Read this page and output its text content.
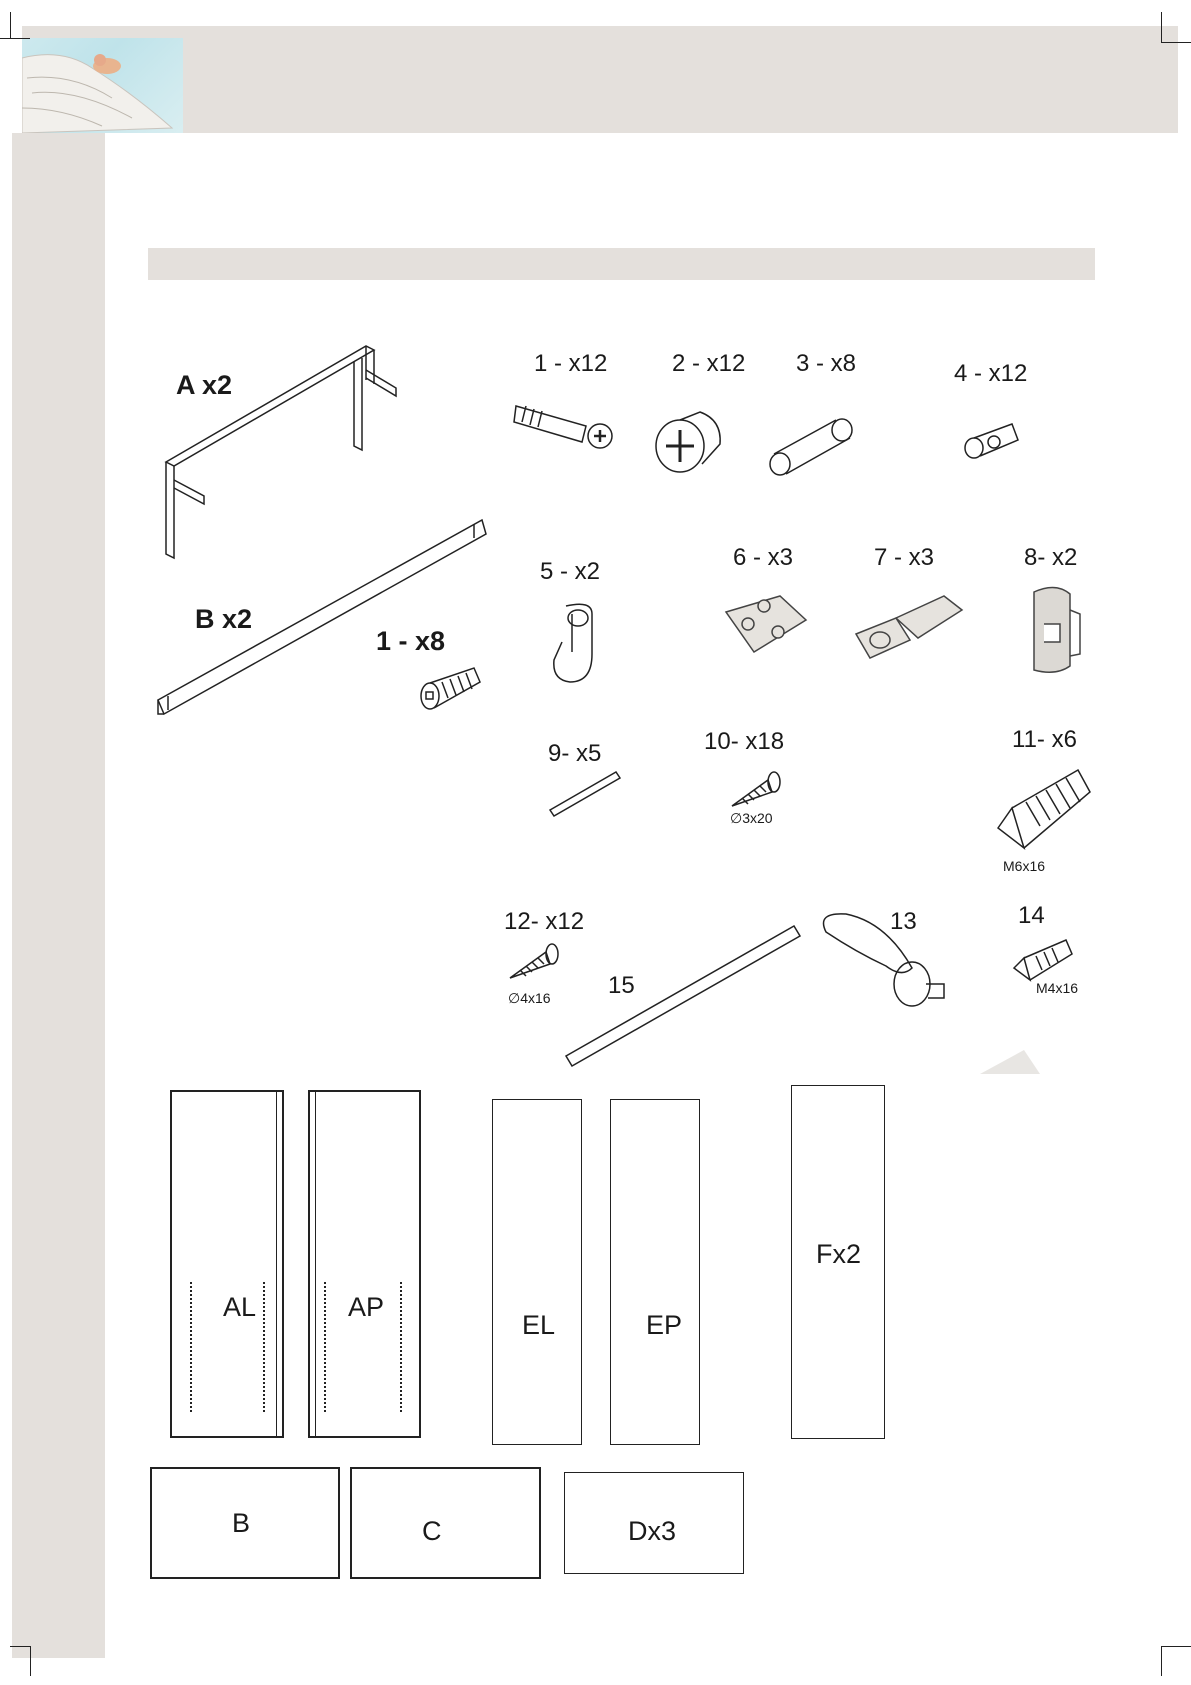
A x2
B x2
1 - x8
1 - x12	2 - x12 3 - x8	4 - x12
5 - x2
6 - x3	7 - x3	8- x2
9- x5	10- x18
∅3x20
11- x6
M6x16
12- x12
∅4x16 15
13	14
M4x16
AL	AP
EL	EP
Fx2
B	C	Dx3
